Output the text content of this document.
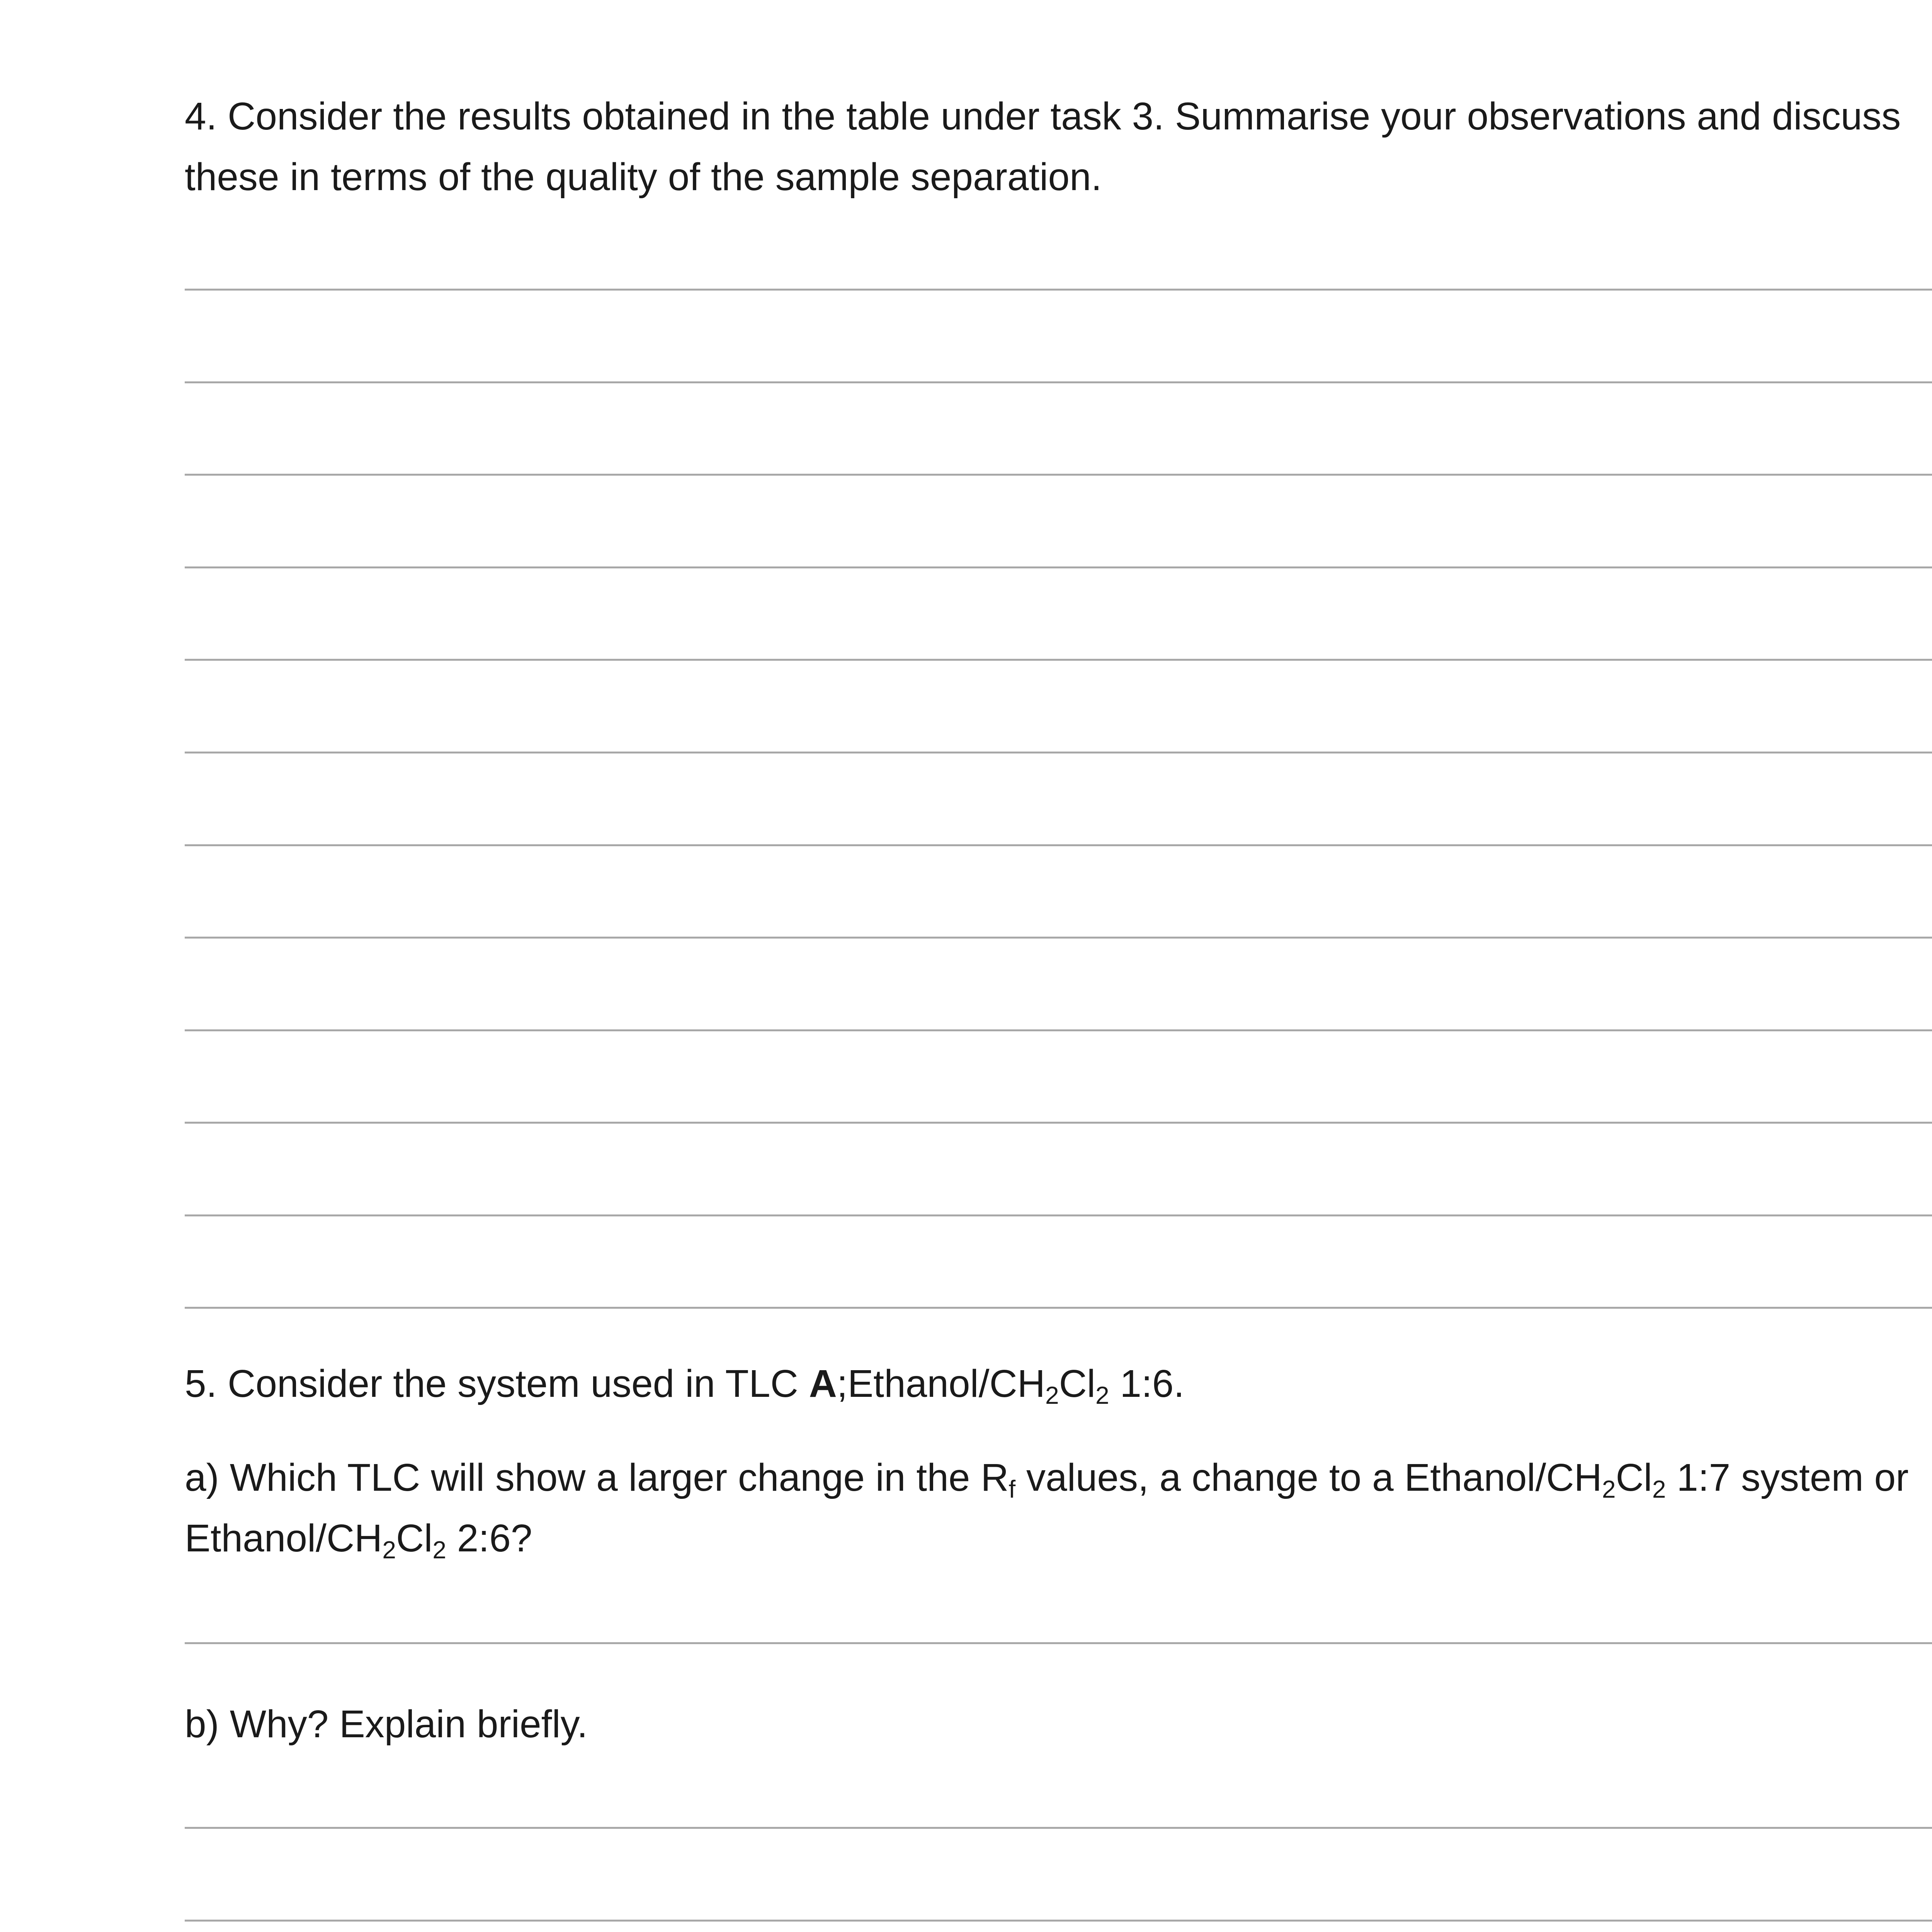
4. Consider the results obtained in the table under task 3. Summarise your observations and discuss

these in terms of the quality of the sample separation.

5. Consider the system used in TLC $A;Ethanol/CH_2Cl_2$ 1:6.

a) Which TLC will show a larger change in the $R_f$ values, a change to a Ethanol/$CH_2Cl_2$ 1:7 system or

Ethanol/$CH_2Cl_2$ 2:6?

b) Why? Explain briefly.
